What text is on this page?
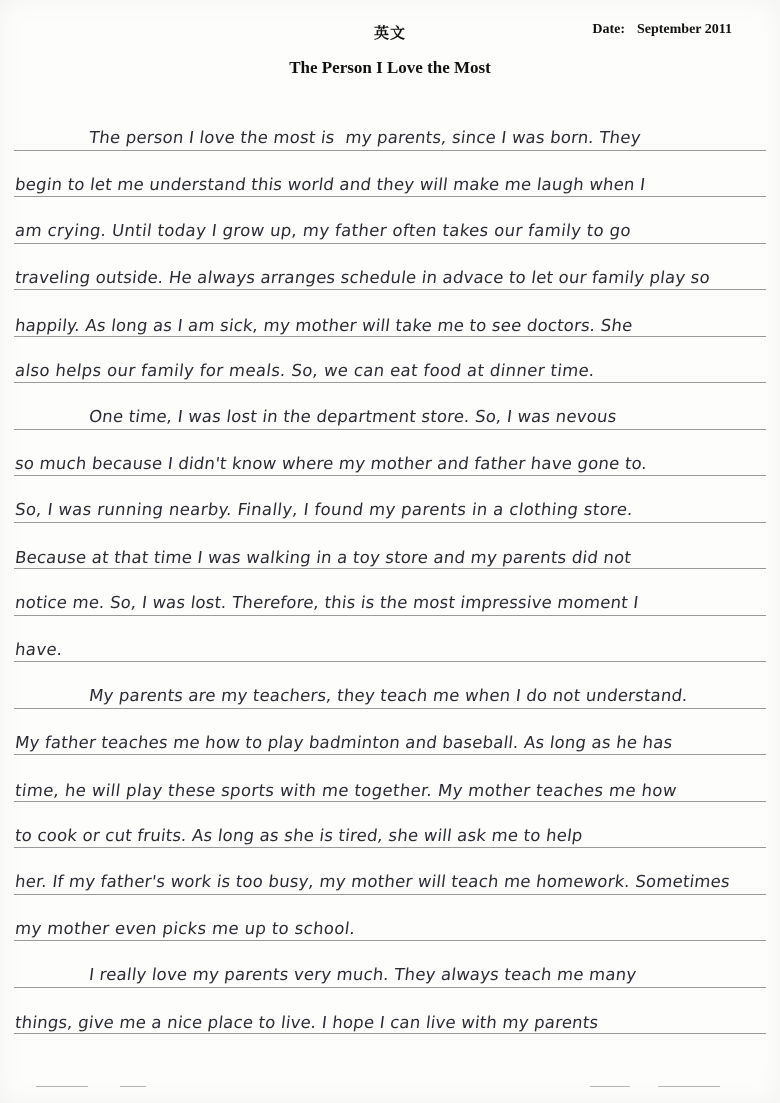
英文	Date: September 2011
The Person I Love the Most
The person I love the most is  my parents, since I was born. They
begin to let me understand this world and they will make me laugh when I
am crying. Until today I grow up, my father often takes our family to go
traveling outside. He always arranges schedule in advace to let our family play so
happily. As long as I am sick, my mother will take me to see doctors. She
also helps our family for meals. So, we can eat food at dinner time.
One time, I was lost in the department store. So, I was nevous
so much because I didn't know where my mother and father have gone to.
So, I was running nearby. Finally, I found my parents in a clothing store.
Because at that time I was walking in a toy store and my parents did not
notice me. So, I was lost. Therefore, this is the most impressive moment I
have.
My parents are my teachers, they teach me when I do not understand.
My father teaches me how to play badminton and baseball. As long as he has
time, he will play these sports with me together. My mother teaches me how
to cook or cut fruits. As long as she is tired, she will ask me to help
her. If my father's work is too busy, my mother will teach me homework. Sometimes
my mother even picks me up to school.
I really love my parents very much. They always teach me many
things, give me a nice place to live. I hope I can live with my parents
